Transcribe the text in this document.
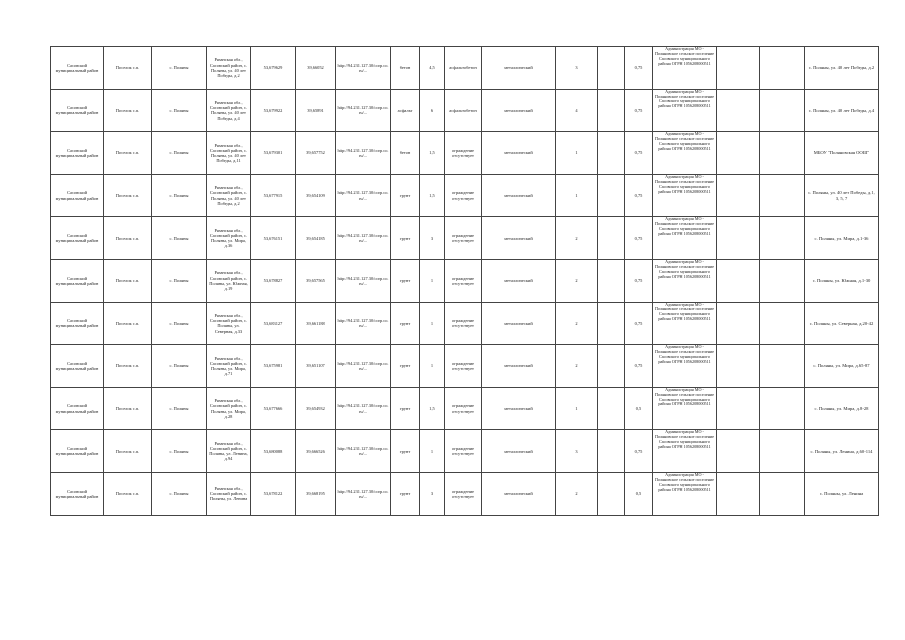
Сасовский муниципальный район	Поселок с.п.	с. Поляны	Рязанская обл., Сасовский район, с. Поляны, ул. 40 лет Победы, д.2	53,679629	39,66052	http://94.231.127.30/corp.co.ru/...	бетон	4,5	асфальтобетон	металлический	3		0,75	Администрация МО - Поляновское сельское поселение Сасовского муниципального района ОГРН 1056208000511			с. Поляны, ул. 40 лет Победы, д.2
Сасовский муниципальный район	Поселок с.п.	с. Поляны	Рязанская обл., Сасовский район, с. Поляны, ул. 40 лет Победы, д.4	53,679922	39,65891	http://94.231.127.30/corp.co.ru/...	асфальт	6	асфальтобетон	металлический	4		0,75	Администрация МО - Поляновское сельское поселение Сасовского муниципального района ОГРН 1056208000511			с. Поляны, ул. 40 лет Победы, д.4
Сасовский муниципальный район	Поселок с.п.	с. Поляны	Рязанская обл., Сасовский район, с. Поляны, ул. 40 лет Победы, д.11	53,679301	39,657752	http://94.231.127.30/corp.co.ru/...	бетон	1,5	ограждение отсутствует	металлический	1		0,75	Администрация МО - Поляновское сельское поселение Сасовского муниципального района ОГРН 1056208000511			МБОУ "Поляновская ООШ"
Сасовский муниципальный район	Поселок с.п.	с. Поляны	Рязанская обл., Сасовский район, с. Поляны, ул. 40 лет Победы, д.2	53,677915	39,654109	http://94.231.127.30/corp.co.ru/...	грунт	1,5	ограждение отсутствует	металлический	1		0,75	Администрация МО - Поляновское сельское поселение Сасовского муниципального района ОГРН 1056208000511			с. Поляны, ул. 40 лет Победы, д.1, 3, 5, 7
Сасовский муниципальный район	Поселок с.п.	с. Поляны	Рязанская обл., Сасовский район, с. Поляны, ул. Мира, д.36	53,676151	39,654185	http://94.231.127.30/corp.co.ru/...	грунт	3	ограждение отсутствует	металлический	2		0,75	Администрация МО - Поляновское сельское поселение Сасовского муниципального района ОГРН 1056208000511			с. Поляны, ул. Мира, д.1-36
Сасовский муниципальный район	Поселок с.п.	с. Поляны	Рязанская обл., Сасовский район, с. Поляны, ул. Южная, д.19	53,678827	39,657565	http://94.231.127.30/corp.co.ru/...	грунт	1	ограждение отсутствует	металлический	2		0,75	Администрация МО - Поляновское сельское поселение Сасовского муниципального района ОГРН 1056208000511			с. Поляны, ул. Южная, д.1-30
Сасовский муниципальный район	Поселок с.п.	с. Поляны	Рязанская обл., Сасовский район, с. Поляны, ул. Северная, д.33	53,683127	39,661188	http://94.231.127.30/corp.co.ru/...	грунт	1	ограждение отсутствует	металлический	2		0,75	Администрация МО - Поляновское сельское поселение Сасовского муниципального района ОГРН 1056208000511			с. Поляны, ул. Северная, д.20-42
Сасовский муниципальный район	Поселок с.п.	с. Поляны	Рязанская обл., Сасовский район, с. Поляны, ул. Мира, д.71	53,675981	39,651107	http://94.231.127.30/corp.co.ru/...	грунт	1	ограждение отсутствует	металлический	2		0,75	Администрация МО - Поляновское сельское поселение Сасовского муниципального района ОГРН 1056208000511			с. Поляны, ул. Мира, д.65-87
Сасовский муниципальный район	Поселок с.п.	с. Поляны	Рязанская обл., Сасовский район, с. Поляны, ул. Мира, д.28	53,677666	39,654932	http://94.231.127.30/corp.co.ru/...	грунт	1,5	ограждение отсутствует	металлический	1		0,5	Администрация МО - Поляновское сельское поселение Сасовского муниципального района ОГРН 1056208000511			с. Поляны, ул. Мира, д.8-28
Сасовский муниципальный район	Поселок с.п.	с. Поляны	Рязанская обл., Сасовский район, с. Поляны, ул. Ленина, д.94	53,680088	39,666526	http://94.231.127.30/corp.co.ru/...	грунт	1	ограждение отсутствует	металлический	3		0,75	Администрация МО - Поляновское сельское поселение Сасовского муниципального района ОГРН 1056208000511			с. Поляны, ул. Ленина, д.60-114
Сасовский муниципальный район	Поселок с.п.	с. Поляны	Рязанская обл., Сасовский район, с. Поляны, ул. Ленина	53,678122	39,668195	http://94.231.127.30/corp.co.ru/...	грунт	3	ограждение отсутствует	металлический	2		0,5	Администрация МО - Поляновское сельское поселение Сасовского муниципального района ОГРН 1056208000511			с. Поляны, ул. Ленина
